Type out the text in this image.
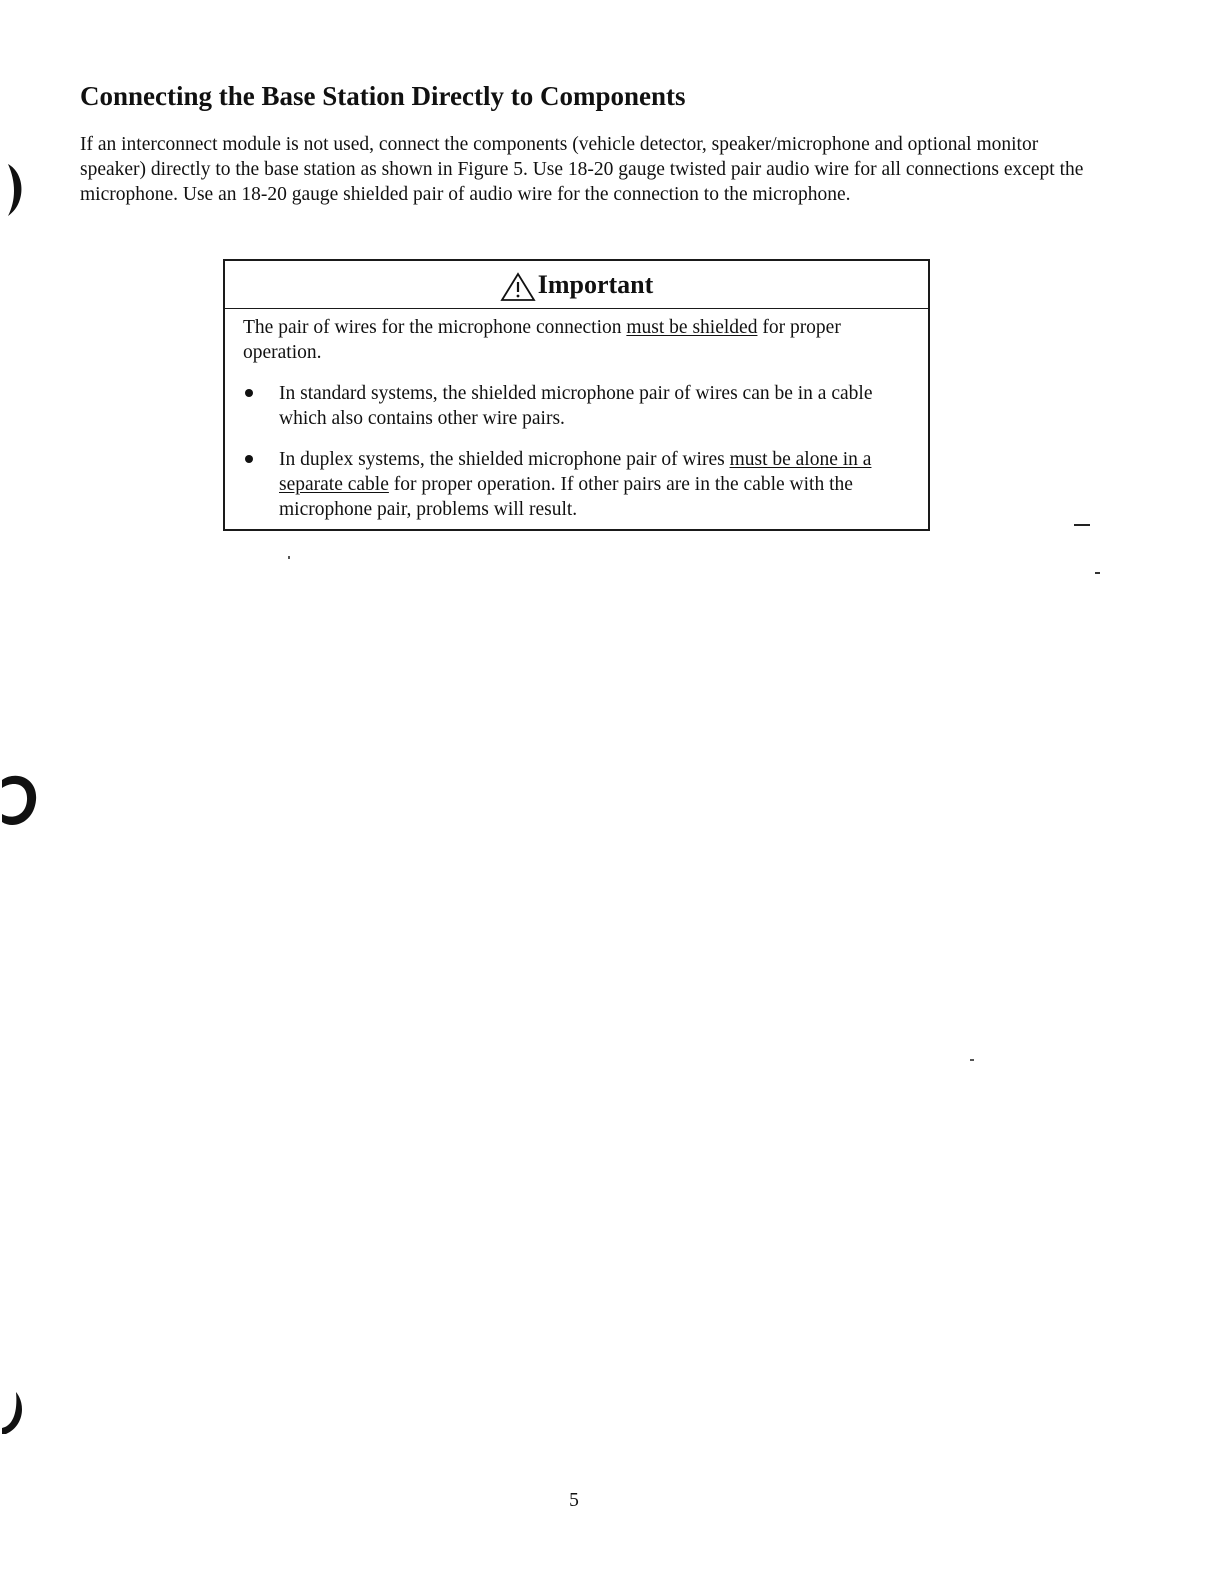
Connecting the Base Station Directly to Components

If an interconnect module is not used, connect the components (vehicle detector, speaker/microphone and optional monitor speaker) directly to the base station as shown in Figure 5. Use 18-20 gauge twisted pair audio wire for all connections except the microphone. Use an 18-20 gauge shielded pair of audio wire for the connection to the microphone.

Important

The pair of wires for the microphone connection must be shielded for proper operation.

In standard systems, the shielded microphone pair of wires can be in a cable which also contains other wire pairs.
In duplex systems, the shielded microphone pair of wires must be alone in a separate cable for proper operation. If other pairs are in the cable with the microphone pair, problems will result.
5
